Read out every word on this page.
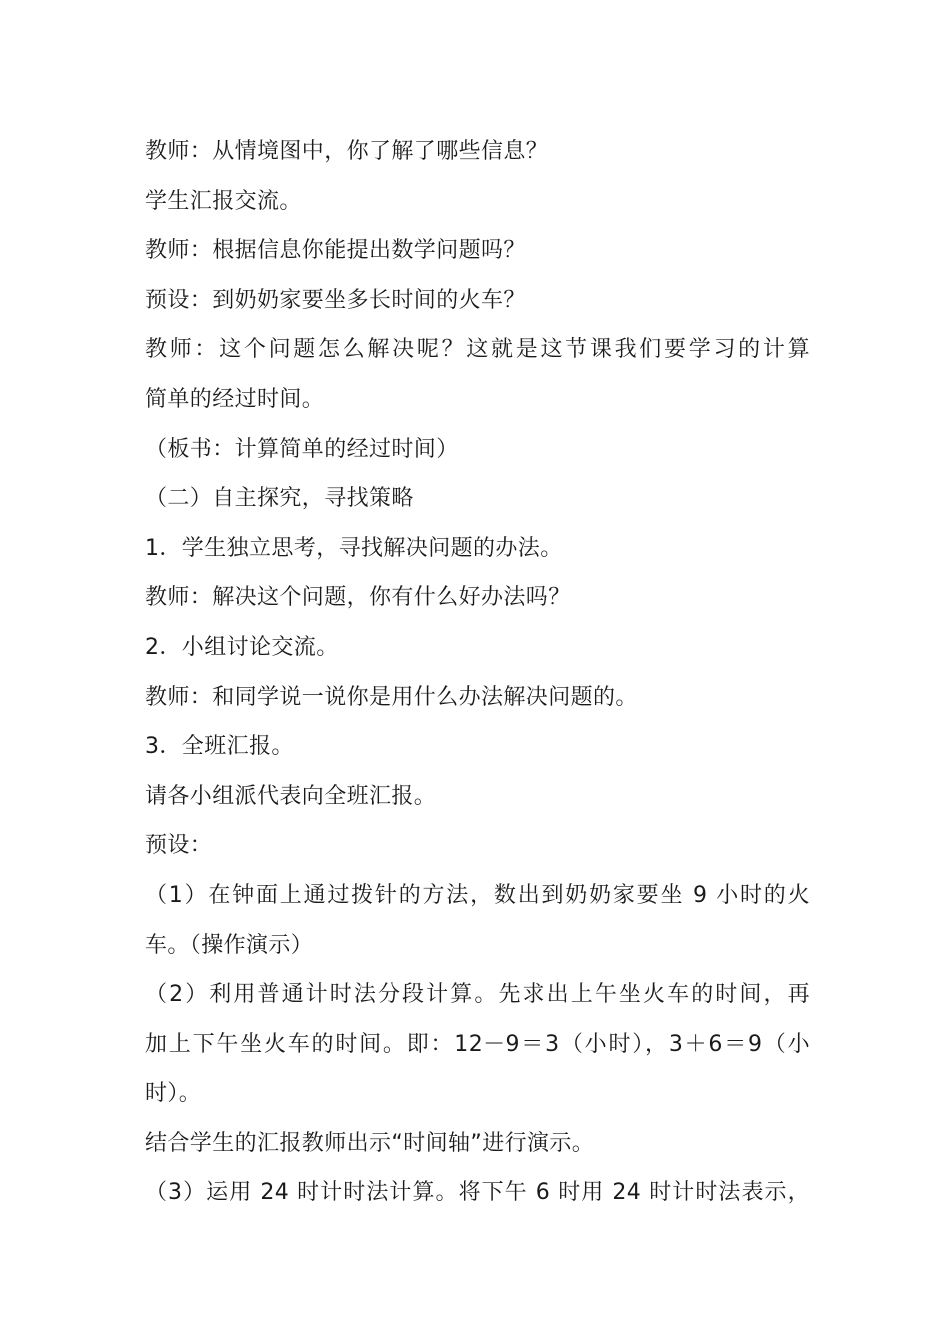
教师：从情境图中，你了解了哪些信息？
学生汇报交流。
教师：根据信息你能提出数学问题吗？
预设：到奶奶家要坐多长时间的火车？
教师：这个问题怎么解决呢？这就是这节课我们要学习的计算
简单的经过时间。
（板书：计算简单的经过时间）
（二）自主探究，寻找策略
1．学生独立思考，寻找解决问题的办法。
教师：解决这个问题，你有什么好办法吗？
2．小组讨论交流。
教师：和同学说一说你是用什么办法解决问题的。
3．全班汇报。
请各小组派代表向全班汇报。
预设：
（1）在钟面上通过拨针的方法，数出到奶奶家要坐 9 小时的火
车。（操作演示）
（2）利用普通计时法分段计算。先求出上午坐火车的时间，再
加上下午坐火车的时间。即：12－9＝3（小时），3＋6＝9（小
时）。
结合学生的汇报教师出示“时间轴”进行演示。
（3）运用 24 时计时法计算。将下午 6 时用 24 时计时法表示，
